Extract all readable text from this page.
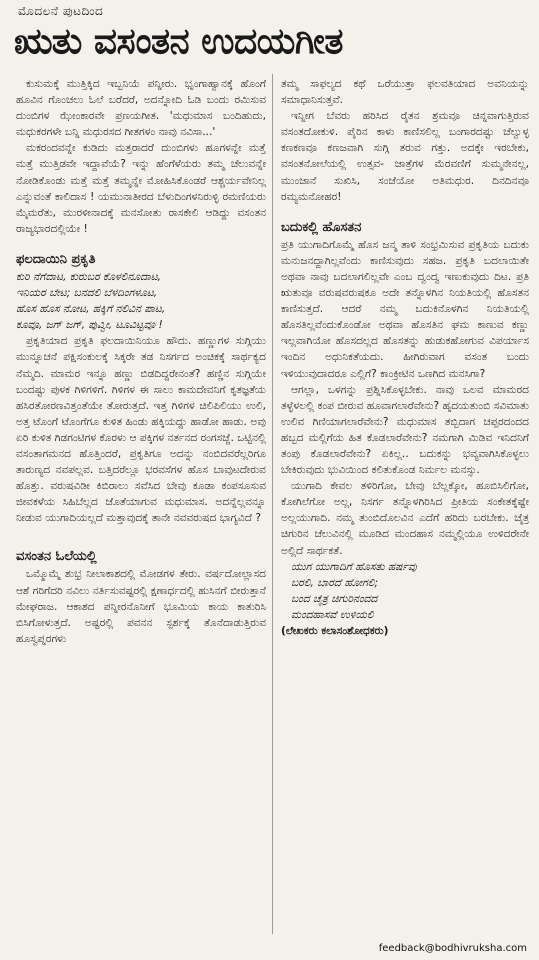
ಮೊದಲನೆ ಪುಟದಿಂದ
ಋತು ವಸಂತನ ಉದಯಗೀತ

ಕುಸುಮಕ್ಕೆ ಮುತ್ತಿಕ್ಕಿದ ಇಬ್ಬನಿಯೆ ಪನ್ನೀರು. ಭೃಂಗಾಹ್ವಾನಕ್ಕೆ ಹೊಂಗೆ ಹೂವಿನ ಗೊಂಚಲು ಓಲೆ ಬರೆದರೆ, ಅದನ್ನೋದಿ ಓಡಿ ಬಂದು ರಮಿಸುವ ದುಂಬಿಗಳ ಝೇಂಕಾರವೇ ಪ್ರಣಯಗೀತ. 'ಮಧುಮಾಸ ಬಂದಿಹುದು, ಮಧುಕರಗಳೇ ಬನ್ನಿ ಮಧುರಸದ ಗೀತಗಳಂ ನಾವು ನವಿಸಾ...'

ಮಕರಂದವನ್ನೇ ಕುಡಿದು ಮತ್ತರಾದರೆ ದುಂಬಿಗಳು ಹೂಗಳನ್ನೇ ಮತ್ತೆ ಮತ್ತೆ ಮುತ್ತಿಡವೇ ಇದ್ದಾವೆಯೆ? ಇನ್ನು ಹೆಂಗೆಳೆಯರು ತಮ್ಮ ಚೆಲುವನ್ನೇ ನೋಡಿಕೊಂಡು ಮತ್ತೆ ಮತ್ತೆ ತಮ್ಮನ್ನೇ ಮೋಹಿಸಿಕೊಂಡರೆ ಆಶ್ಚರ್ಯವೇನಿಲ್ಲ ಎನ್ನುವಂತೆ ಕಾಲಿದಾಸ ! ಯಮುನಾತೀರದ ಬೆಳುದಿಂಗಳನಿರುಳ್ಳಿ ರಮಣಿಯರು ಮೈಮರೆತು, ಮುರಳೀನಾದಕ್ಕೆ ಮನಸೋತು ರಾಸಕೇಲಿ ಆಡಿದ್ದು ವಸಂತನ ರಾಜ್ಯಭಾರದಲ್ಲಿಯೇ !

ಫಲದಾಯಿನಿ ಪ್ರಕೃತಿ

ಕುರಿ ನೆಗೆದಾಟ, ಕುರುಬರ ಕೊಳಲಿನೂದಾಟ,

ಇನಿಯರ ಬೇಟ; ಬನದಲಿ ಬೆಳದಿಂಗಳೂಟ,

ಹೊಸ ಹೊಸ ನೋಟ, ಹಕ್ಕಿಗೆ ನಲಿವಿನ ಪಾಟ,

ಕೂವೂ, ಜಗ್ ಜಗ್, ಪುವ್ವೀ, ಟೂವಿಟ್ಟವೂ !

ಪ್ರಕೃತಿಯಾದ ಪ್ರಕೃತಿ ಫಲದಾಯಿನಿಯೂ ಹೌದು. ಹಣ್ಣುಗಳ ಸುಗ್ಗಿಯು ಮುನ್ನೂಚನೆ ಪಕ್ಷಿಸಂಕುಲಕ್ಕೆ ಸಿಕ್ಕರೇ ತಡ ನಿಸರ್ಗದ ಅಂಚಿಕಕ್ಕೆ ಸಾರ್ಥಕ್ಯದ ನೆಮ್ಮದಿ. ಮಾಮರ ಇನ್ನೂ ಹಣ್ಣು ಬಿಡದಿದ್ದರೇನಂತೆ? ಹಣ್ಣಿನ ಸುಗ್ಗಿಯೇ ಬಂದಷ್ಟು ಪುಳಕ ಗಿಳಿಗಳಿಗೆ. ಗಿಳಿಗಳ ಈ ಸಾಲು ಕಾಮದೇವನಿಗೆ ಕೃತಜ್ಞತೆಯ ಹಸಿರತೋರಣವಿತ್ತಂತೆಯೇ ತೋರುತ್ತದೆ. ಇತ್ತ ಗಿಳಿಗಳ ಚಿಲಿಪಿಲಿಯು ಉಲಿ, ಅತ್ತ ಟೊಂಗೆ ಟೊಂಗೆಗೂ ಕುಳಿತ ಹಿಂಡು ಹಕ್ಕಿಯದ್ದು ಹಾಡೋ ಹಾಡು. ಅವು ಏರಿ ಕುಳಿತ ಗಿಡಗಂಟಿಗಳ ಕೊರಳು ಆ ಪಕ್ಕಿಗಳ ನರ್ತನದ ರಂಗಸಜ್ಜೆ. ಒಟ್ಟಿನಲ್ಲಿ ವಸಂತಾಗಮನದ ಹೊತ್ತಿಂದರೆ, ಪ್ರಕೃತಿಗೂ ಅದನ್ನು ನಂಬಿದವರೆಲ್ಲರಿಗೂ ತಾರುಣ್ಯದ ನವಪಲ್ಲವ. ಬತ್ತಿದರೆಲ್ಲೂ ಭರವಸೆಗಳ ಹೊಸ ಬಾವುಟದೇರುವ ಹೊತ್ತು. ವರುಷವಿಡೀ ಕಿಬಿರಾಲು ಸವೆಸಿದ ಬೇವು ಕೂಡಾ ಕಂಪಸೂಸುವ ಜೀವಕಳೆಯ ಸಿಹಿಬೆಲ್ಲದ ಜೊತೆಯಾಗುವ ಮಧುಮಾಸ. ಅದನ್ನೆಲ್ಲವನ್ನೂ ನೀಡುವ ಯುಗಾದಿಯಲ್ಲದೆ ಮತ್ತಾವುದಕ್ಕೆ ತಾನೇ ನವವರುಷದ ಭಾಗ್ಯವಿದೆ ?

ವಸಂತನ ಓಲೆಯಲ್ಲಿ

ಒಮ್ಮೊಮ್ಮೆ ಶುಭ್ರ ನೀಲಾಕಾಶದಲ್ಲಿ ಮೋಡಗಳ ತೇರು. ವರ್ಷದೋಲ್ಲಾಸದ ಆಶೆ ಗರಿಗೆದರಿ ನವಿಲು ನರ್ತಿಸುವಷ್ಟರಲ್ಲಿ ಕ್ಷಣಾರ್ಧದಲ್ಲಿ ಹುಸಿನಗೆ ಬೀರುತ್ತಾನೆ ಮೇಘರಾಜ. ಆಕಾಶದ ಪನ್ನೀರನೊನೀಗೆ ಭೂಮಿಯ ಕಾಯ ಕಾತುರಿಸಿ ಬಿಸಿಗೋಳುತ್ತದೆ. ಅಷ್ಟರಲ್ಲಿ ಪವನನ ಸ್ಪರ್ಶಕ್ಕೆ ತೊನೆದಾಡುತ್ತಿರುವ ಹೂಸ್ವಪ್ನರಗಳು

ತಮ್ಮ ಸಾಫಲ್ಯದ ಕಥೆ ಒರೆಯುತ್ತಾ ಫಲವತಿಯಾದ ಅವನಿಯನ್ನು ಸಮಾಧಾನಿಸುತ್ತವೆ.

ಇನ್ನೀಗ ಬೆವರು ಹರಿಸಿದ ರೈತನ ಶ್ರಮವೂ ಚಿನ್ನವಾಗುತ್ತಿರುವ ವಸಂತದೋಕುಳಿ. ಪೈರಿನ ಕಾಳು ಕಾಣಿಸಲಿಲ್ಲ ಬಂಗಾರದಷ್ಟು ಚೆಲ್ವುಳ್ಳ ಕಣಕಣವೂ ಕಣಜವಾಗಿ ಸುಗ್ಗಿ ತರುವ ಗತ್ತು. ಅದಕ್ಕೇ ಇರಬೇಕು, ವಸಂತನೋಲೆಯಲ್ಲಿ ಉತ್ಸವ- ಜಾತ್ರೆಗಳ ಮೆರವಣಿಗೆ ಸುಮ್ಮನೇನಲ್ಲ, ಮುಂಜಾನೆ ಸುಖಿಸಿ, ಸಂಜೆಯೋ ಅತಿಮಧುರ. ದಿನದಿನವೂ ರಮ್ಯಮನೋಹರ!

ಬದುಕಲ್ಲಿ ಹೊಸತನ

ಪ್ರತಿ ಯುಗಾದಿಗೊಮ್ಮೆ ಹೊಸ ಜನ್ಮ ತಾಳಿ ಸಂಭ್ರಮಿಸುವ ಪ್ರಕೃತಿಯ ಬದುಕು ಮನುಜನದ್ದಾಗಿಲ್ಲವೆಂದು ಕಾಣಿಸುವುದು ಸಹಜ. ಪ್ರಕೃತಿ ಬದಲಾಯಿತೇ ಅಥವಾ ನಾವು ಬದಲಾಗಲಿಲ್ಲವೇ ಎಂಬ ದ್ವಂದ್ವ ಇಣುಕುವುದು ದಿಟ. ಪ್ರತಿ ಋತುವೂ ವರುಷವರುಷಕೂ ಅದೇ ತನ್ನೊಳಗಿನ ನಿಯತಿಯಲ್ಲಿ ಹೊಸತನ ಕಾಣಿಸುತ್ತದೆ. ಆದರೆ ನಮ್ಮ ಬದುಕಿನೊಳಗಿನ ನಿಯತಿಯಲ್ಲಿ ಹೊಸತಿಲ್ಲವೆಂದುಕೊಂಡೋ ಅಥವಾ ಹೊಸತಿನ ಘಮ ಕಾಣುವ ಕಣ್ಣು ಇಲ್ಲವಾಗಿಯೋ ಹೊಸದಲ್ಲದ ಹೊಸತನ್ನು ಹುಡುಕಹೋಗುವ ವಿಪರ್ಯಾಸ ಇಂದಿನ ಅಧುನಿಕತೆಯದು. ಹೀಗಿರುವಾಗ ವಸಂತ ಬಂದು ಇಳಿಯುವುದಾದರೂ ಎಲ್ಲಿಗೆ? ಕಾಂಕ್ರೀಟಿನ ಒಣಗಿದ ಮನಸಿಗಾ?

ಆಗಲ್ಲಾ, ಒಳಗನ್ನು ಪ್ರಶ್ನಿಸಿಕೊಳ್ಳಬೇಕು. ನಾವು ಒಲವ ಮಾಮರದ ತಳ್ಳೆಳಲಲ್ಲಿ ಕಂಪ ಬೀರುವ ಹೂವಾಗಲಾರೆವೇನು? ಹೃದಯತುಂಬಿ ಸವಿಮಾತು ಉಲಿವ ಗಿಣಿಯಾಗಲಾರೆವೇನು? ಮಧುಮಾಸ ತಬ್ಬಿದಾಗ ಚಪ್ಪರದಂದದ ಹಬ್ಬದ ಮಲ್ಲಿಗೆಯ ಹಿತ ಕೊಡಲಾರೆವೇನು? ನಮಗಾಗಿ ಮಿಡಿವ ಇನಿದನಿಗೆ ತಂಪು ಕೊಡಲಾರೆವೇನು? ಏಕಿಲ್ಲ.. ಬದುಕನ್ನು ಭವ್ಯವಾಗಿಸಿಕೊಳ್ಳಲು ಬೇಕಿರುವುದು ಭುವಿಯಿಂದ ಕಲಿತುಕೊಂಡ ನಿರ್ಮಲ ಮನಸ್ಸು.

ಯುಗಾದಿ ಕೇವಲ ತಳಿರಿಗೋ, ಬೇವು ಬೆಲ್ಲಕ್ಕೋ, ಹೂಬಿಸಿಲಿಗೋ, ಕೋಗಿಲೆಗೋ ಅಲ್ಲ, ನಿಸರ್ಗ ತನ್ನೊಳಗಿರಿಸಿದ ಪ್ರೀತಿಯ ಸಂಕೇತಕ್ಕೆಷ್ಟೇ ಅಲ್ಲಯುಗಾದಿ. ನಮ್ಮ ತುಂಬಿದೊಲವಿನ ಎದೆಗೆ ಹರಿದು ಬರಬೇಕು. ಚೈತ್ರ ಚಿಗುರಿನ ಚೆಲುವಿನಲ್ಲಿ ಮೂಡಿದ ಮಂದಹಾಸ ನಮ್ಮಲ್ಲಿಯೂ ಉಳಿದರೇನೇ ಅಲ್ಲಿದೆ ಸಾರ್ಥಕತೆ.

ಯುಗ ಯುಗಾದಿಗೆ ಹೊಸತು ಹರ್ಷವು

ಬರಲಿ, ಬಾರದೆ ಹೋಗಲಿ;

ಬಂದ ಚೈತ್ರ ಚಿಗುರಿನಂದದ

ಮಂದಹಾಸವೆ ಉಳಿಯಲಿ

(ಲೇಖಕರು ಕಲಾಸಂಶೋಧಕರು)
feedback@bodhivruksha.com
